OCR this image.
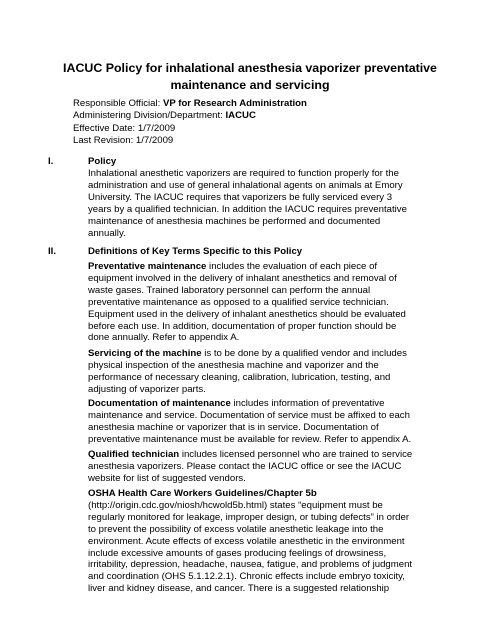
IACUC Policy for inhalational anesthesia vaporizer preventative
maintenance and servicing
Responsible Official: VP for Research Administration
Administering Division/Department: IACUC
Effective Date: 1/7/2009
Last Revision: 1/7/2009
I.	Policy
Inhalational anesthetic vaporizers are required to function properly for the
administration and use of general inhalational agents on animals at Emory
University. The IACUC requires that vaporizers be fully serviced every 3
years by a qualified technician. In addition the IACUC requires preventative
maintenance of anesthesia machines be performed and documented
annually.
II.	Definitions of Key Terms Specific to this Policy
Preventative maintenance includes the evaluation of each piece of
equipment involved in the delivery of inhalant anesthetics and removal of
waste gases. Trained laboratory personnel can perform the annual
preventative maintenance as opposed to a qualified service technician.
Equipment used in the delivery of inhalant anesthetics should be evaluated
before each use. In addition, documentation of proper function should be
done annually. Refer to appendix A.
Servicing of the machine is to be done by a qualified vendor and includes
physical inspection of the anesthesia machine and vaporizer and the
performance of necessary cleaning, calibration, lubrication, testing, and
adjusting of vaporizer parts.
Documentation of maintenance includes information of preventative
maintenance and service. Documentation of service must be affixed to each
anesthesia machine or vaporizer that is in service. Documentation of
preventative maintenance must be available for review. Refer to appendix A.
Qualified technician includes licensed personnel who are trained to service
anesthesia vaporizers. Please contact the IACUC office or see the IACUC
website for list of suggested vendors.
OSHA Health Care Workers Guidelines/Chapter 5b
(http://origin.cdc.gov/niosh/hcwold5b.html) states “equipment must be
regularly monitored for leakage, improper design, or tubing defects” in order
to prevent the possibility of excess volatile anesthetic leakage into the
environment. Acute effects of excess volatile anesthetic in the environment
include excessive amounts of gases producing feelings of drowsiness,
irritability, depression, headache, nausea, fatigue, and problems of judgment
and coordination (OHS 5.1.12.2.1). Chronic effects include embryo toxicity,
liver and kidney disease, and cancer. There is a suggested relationship
